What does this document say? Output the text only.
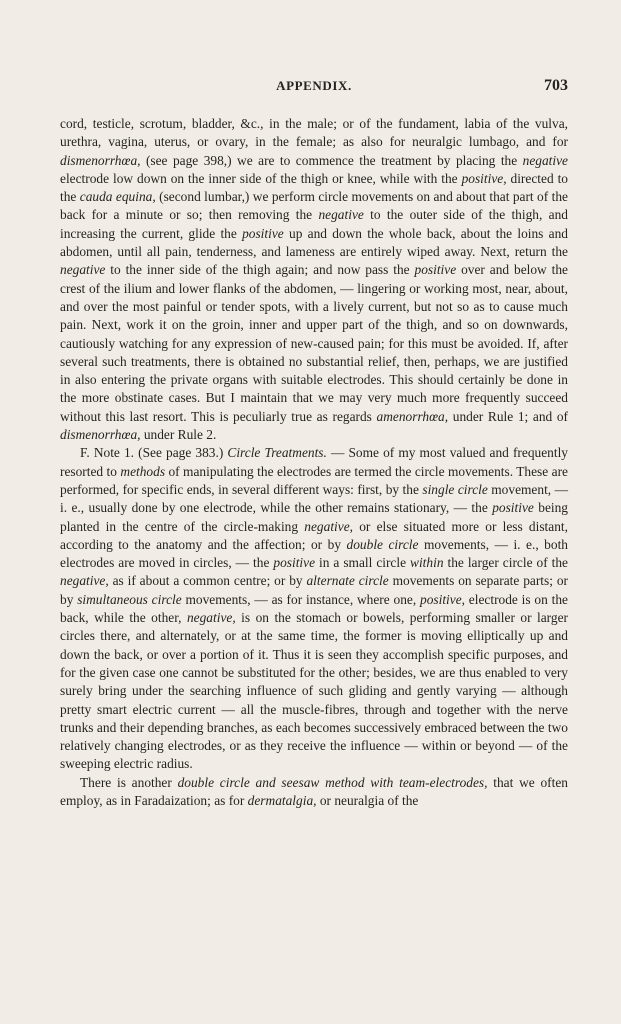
APPENDIX.	703

cord, testicle, scrotum, bladder, &c., in the male; or of the fundament, labia of the vulva, urethra, vagina, uterus, or ovary, in the female; as also for neuralgic lumbago, and for dismenorrhœa, (see page 398,) we are to commence the treatment by placing the negative electrode low down on the inner side of the thigh or knee, while with the positive, directed to the cauda equina, (second lumbar,) we perform circle movements on and about that part of the back for a minute or so; then removing the negative to the outer side of the thigh, and increasing the current, glide the positive up and down the whole back, about the loins and abdomen, until all pain, tenderness, and lameness are entirely wiped away. Next, return the negative to the inner side of the thigh again; and now pass the positive over and below the crest of the ilium and lower flanks of the abdomen, — lingering or working most, near, about, and over the most painful or tender spots, with a lively current, but not so as to cause much pain. Next, work it on the groin, inner and upper part of the thigh, and so on downwards, cautiously watching for any expression of new-caused pain; for this must be avoided. If, after several such treatments, there is obtained no substantial relief, then, perhaps, we are justified in also entering the private organs with suitable electrodes. This should certainly be done in the more obstinate cases. But I maintain that we may very much more frequently succeed without this last resort. This is peculiarly true as regards amenorrhœa, under Rule 1; and of dismenorrhœa, under Rule 2.

F. Note 1. (See page 383.) Circle Treatments. — Some of my most valued and frequently resorted to methods of manipulating the electrodes are termed the circle movements. These are performed, for specific ends, in several different ways: first, by the single circle movement, — i. e., usually done by one electrode, while the other remains stationary, — the positive being planted in the centre of the circle-making negative, or else situated more or less distant, according to the anatomy and the affection; or by double circle movements, — i. e., both electrodes are moved in circles, — the positive in a small circle within the larger circle of the negative, as if about a common centre; or by alternate circle movements on separate parts; or by simultaneous circle movements, — as for instance, where one, positive, electrode is on the back, while the other, negative, is on the stomach or bowels, performing smaller or larger circles there, and alternately, or at the same time, the former is moving elliptically up and down the back, or over a portion of it. Thus it is seen they accomplish specific purposes, and for the given case one cannot be substituted for the other; besides, we are thus enabled to very surely bring under the searching influence of such gliding and gently varying — although pretty smart electric current — all the muscle-fibres, through and together with the nerve trunks and their depending branches, as each becomes successively embraced between the two relatively changing electrodes, or as they receive the influence — within or beyond — of the sweeping electric radius.

There is another double circle and seesaw method with team-electrodes, that we often employ, as in Faradaization; as for dermatalgia, or neuralgia of the
